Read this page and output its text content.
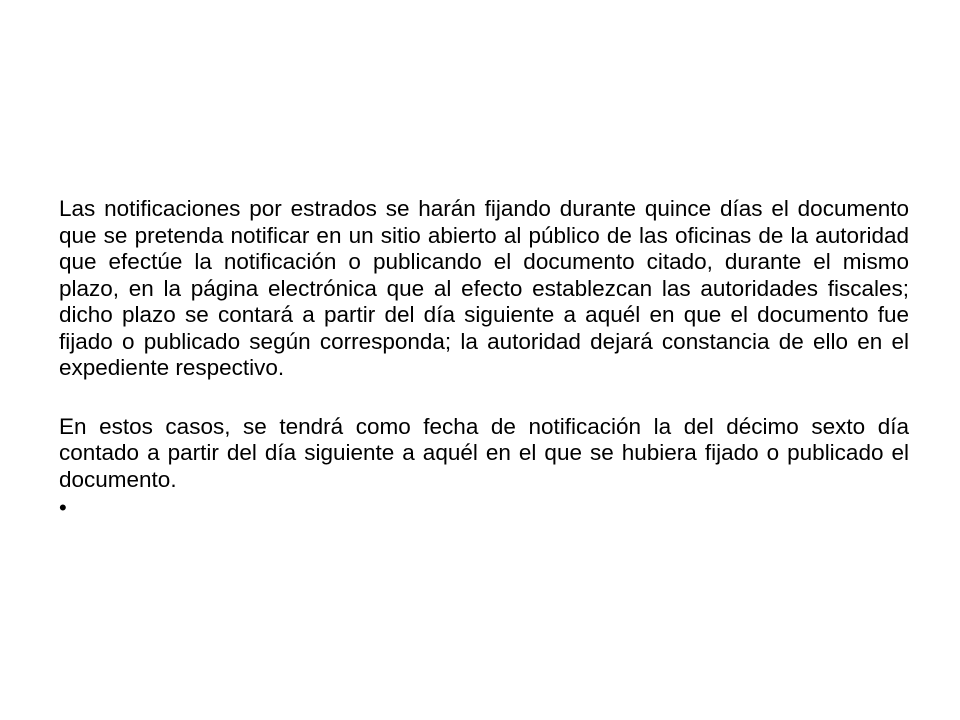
Las notificaciones por estrados se harán fijando durante quince días el documento que se pretenda notificar en un sitio abierto al público de las oficinas de la autoridad que efectúe la notificación o publicando el documento citado, durante el mismo plazo, en la página electrónica que al efecto establezcan las autoridades fiscales; dicho plazo se contará a partir del día siguiente a aquél en que el documento fue fijado o publicado según corresponda; la autoridad dejará constancia de ello en el expediente respectivo.

En estos casos, se tendrá como fecha de notificación la del décimo sexto día contado a partir del día siguiente a aquél en el que se hubiera fijado o publicado el documento.

•
